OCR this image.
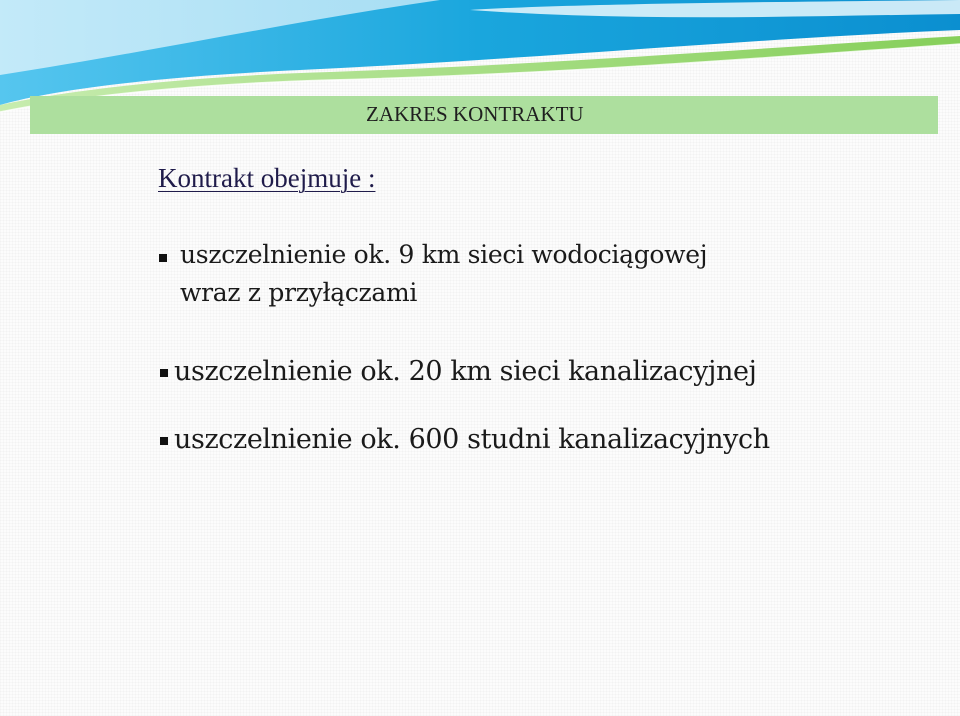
ZAKRES KONTRAKTU
Kontrakt obejmuje :
uszczelnienie ok. 9 km sieci wodociągowej
wraz z przyłączami
uszczelnienie ok. 20 km sieci kanalizacyjnej
uszczelnienie ok. 600 studni kanalizacyjnych
